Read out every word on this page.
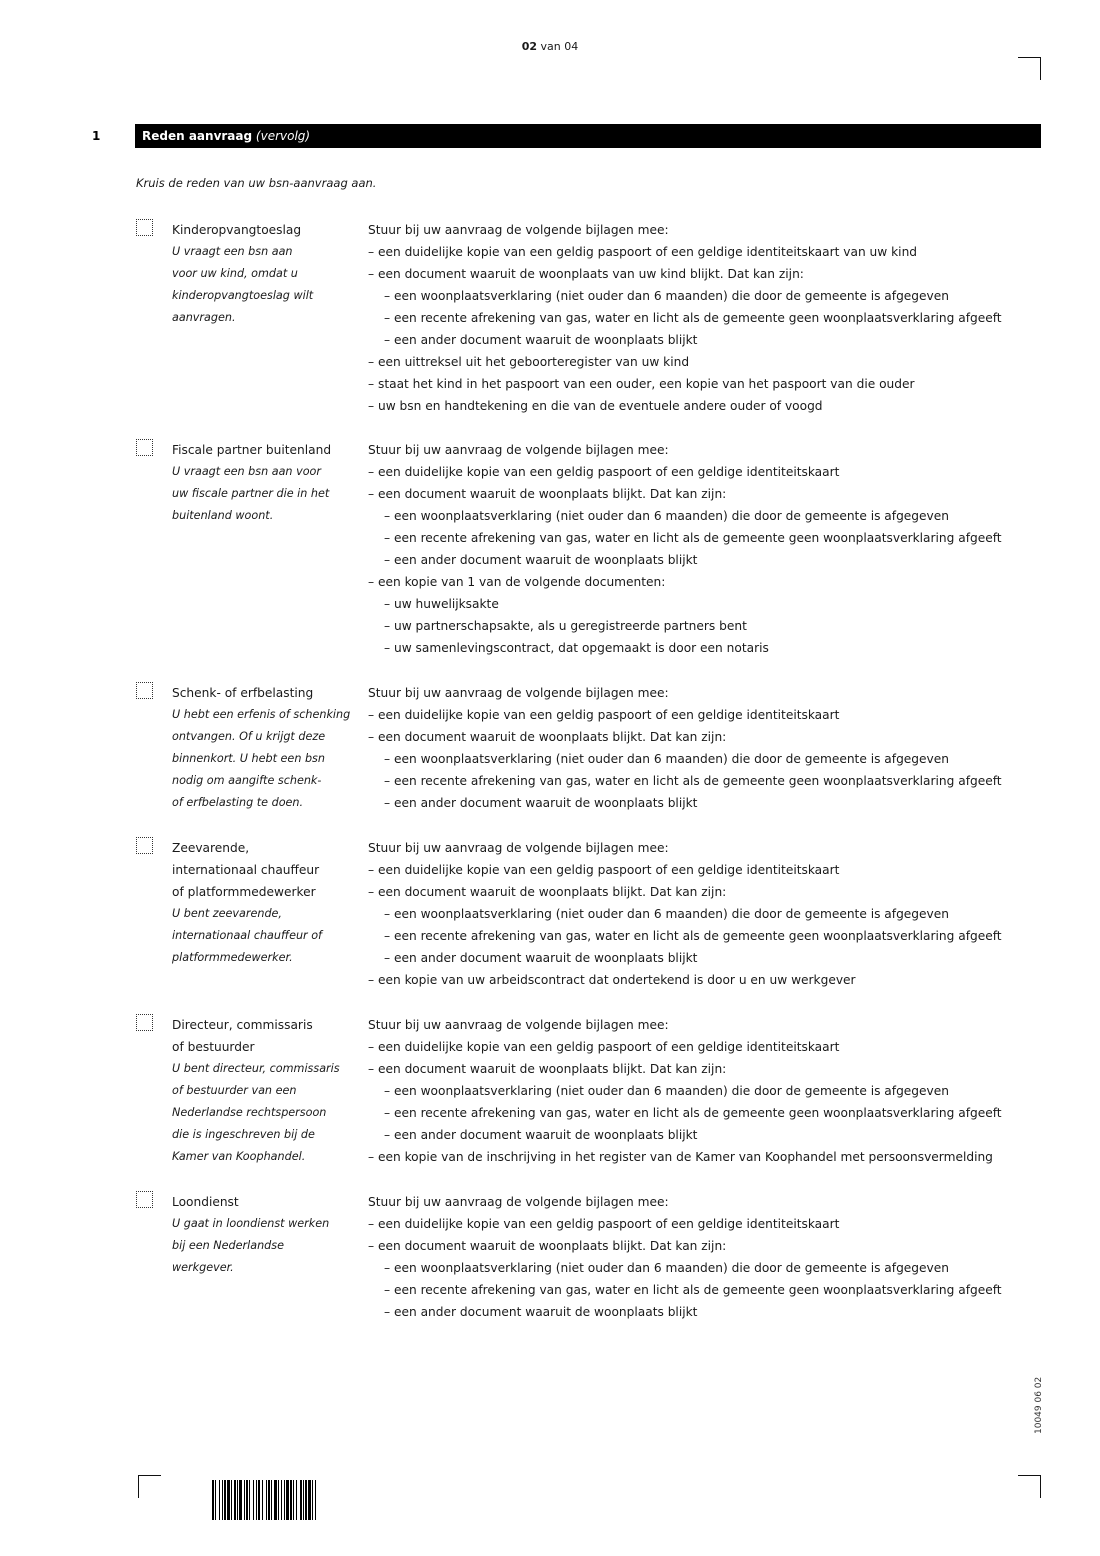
02 van 04
1	Reden aanvraag (vervolg)
Kruis de reden van uw bsn-aanvraag aan.
Kinderopvangtoeslag
U vraagt een bsn aan
voor uw kind, omdat u
kinderopvangtoeslag wilt
aanvragen.
Stuur bij uw aanvraag de volgende bijlagen mee:
– een duidelijke kopie van een geldig paspoort of een geldige identiteitskaart van uw kind
– een document waaruit de woonplaats van uw kind blijkt. Dat kan zijn:
– een woonplaatsverklaring (niet ouder dan 6 maanden) die door de gemeente is afgegeven
– een recente afrekening van gas, water en licht als de gemeente geen woonplaatsverklaring afgeeft
– een ander document waaruit de woonplaats blijkt
– een uittreksel uit het geboorteregister van uw kind
– staat het kind in het paspoort van een ouder, een kopie van het paspoort van die ouder
– uw bsn en handtekening en die van de eventuele andere ouder of voogd
Fiscale partner buitenland
U vraagt een bsn aan voor
uw fiscale partner die in het
buitenland woont.
Stuur bij uw aanvraag de volgende bijlagen mee:
– een duidelijke kopie van een geldig paspoort of een geldige identiteitskaart
– een document waaruit de woonplaats blijkt. Dat kan zijn:
– een woonplaatsverklaring (niet ouder dan 6 maanden) die door de gemeente is afgegeven
– een recente afrekening van gas, water en licht als de gemeente geen woonplaatsverklaring afgeeft
– een ander document waaruit de woonplaats blijkt
– een kopie van 1 van de volgende documenten:
– uw huwelijksakte
– uw partnerschapsakte, als u geregistreerde partners bent
– uw samenlevingscontract, dat opgemaakt is door een notaris
Schenk- of erfbelasting
U hebt een erfenis of schenking
ontvangen. Of u krijgt deze
binnenkort. U hebt een bsn
nodig om aangifte schenk-
of erfbelasting te doen.
Stuur bij uw aanvraag de volgende bijlagen mee:
– een duidelijke kopie van een geldig paspoort of een geldige identiteitskaart
– een document waaruit de woonplaats blijkt. Dat kan zijn:
– een woonplaatsverklaring (niet ouder dan 6 maanden) die door de gemeente is afgegeven
– een recente afrekening van gas, water en licht als de gemeente geen woonplaatsverklaring afgeeft
– een ander document waaruit de woonplaats blijkt
Zeevarende,
internationaal chauffeur
of platformmedewerker
U bent zeevarende,
internationaal chauffeur of
platformmedewerker.
Stuur bij uw aanvraag de volgende bijlagen mee:
– een duidelijke kopie van een geldig paspoort of een geldige identiteitskaart
– een document waaruit de woonplaats blijkt. Dat kan zijn:
– een woonplaatsverklaring (niet ouder dan 6 maanden) die door de gemeente is afgegeven
– een recente afrekening van gas, water en licht als de gemeente geen woonplaatsverklaring afgeeft
– een ander document waaruit de woonplaats blijkt
– een kopie van uw arbeidscontract dat ondertekend is door u en uw werkgever
Directeur, commissaris
of bestuurder
U bent directeur, commissaris
of bestuurder van een
Nederlandse rechtspersoon
die is ingeschreven bij de
Kamer van Koophandel.
Stuur bij uw aanvraag de volgende bijlagen mee:
– een duidelijke kopie van een geldig paspoort of een geldige identiteitskaart
– een document waaruit de woonplaats blijkt. Dat kan zijn:
– een woonplaatsverklaring (niet ouder dan 6 maanden) die door de gemeente is afgegeven
– een recente afrekening van gas, water en licht als de gemeente geen woonplaatsverklaring afgeeft
– een ander document waaruit de woonplaats blijkt
– een kopie van de inschrijving in het register van de Kamer van Koophandel met persoonsvermelding
Loondienst
U gaat in loondienst werken
bij een Nederlandse
werkgever.
Stuur bij uw aanvraag de volgende bijlagen mee:
– een duidelijke kopie van een geldig paspoort of een geldige identiteitskaart
– een document waaruit de woonplaats blijkt. Dat kan zijn:
– een woonplaatsverklaring (niet ouder dan 6 maanden) die door de gemeente is afgegeven
– een recente afrekening van gas, water en licht als de gemeente geen woonplaatsverklaring afgeeft
– een ander document waaruit de woonplaats blijkt
10049 06 02
